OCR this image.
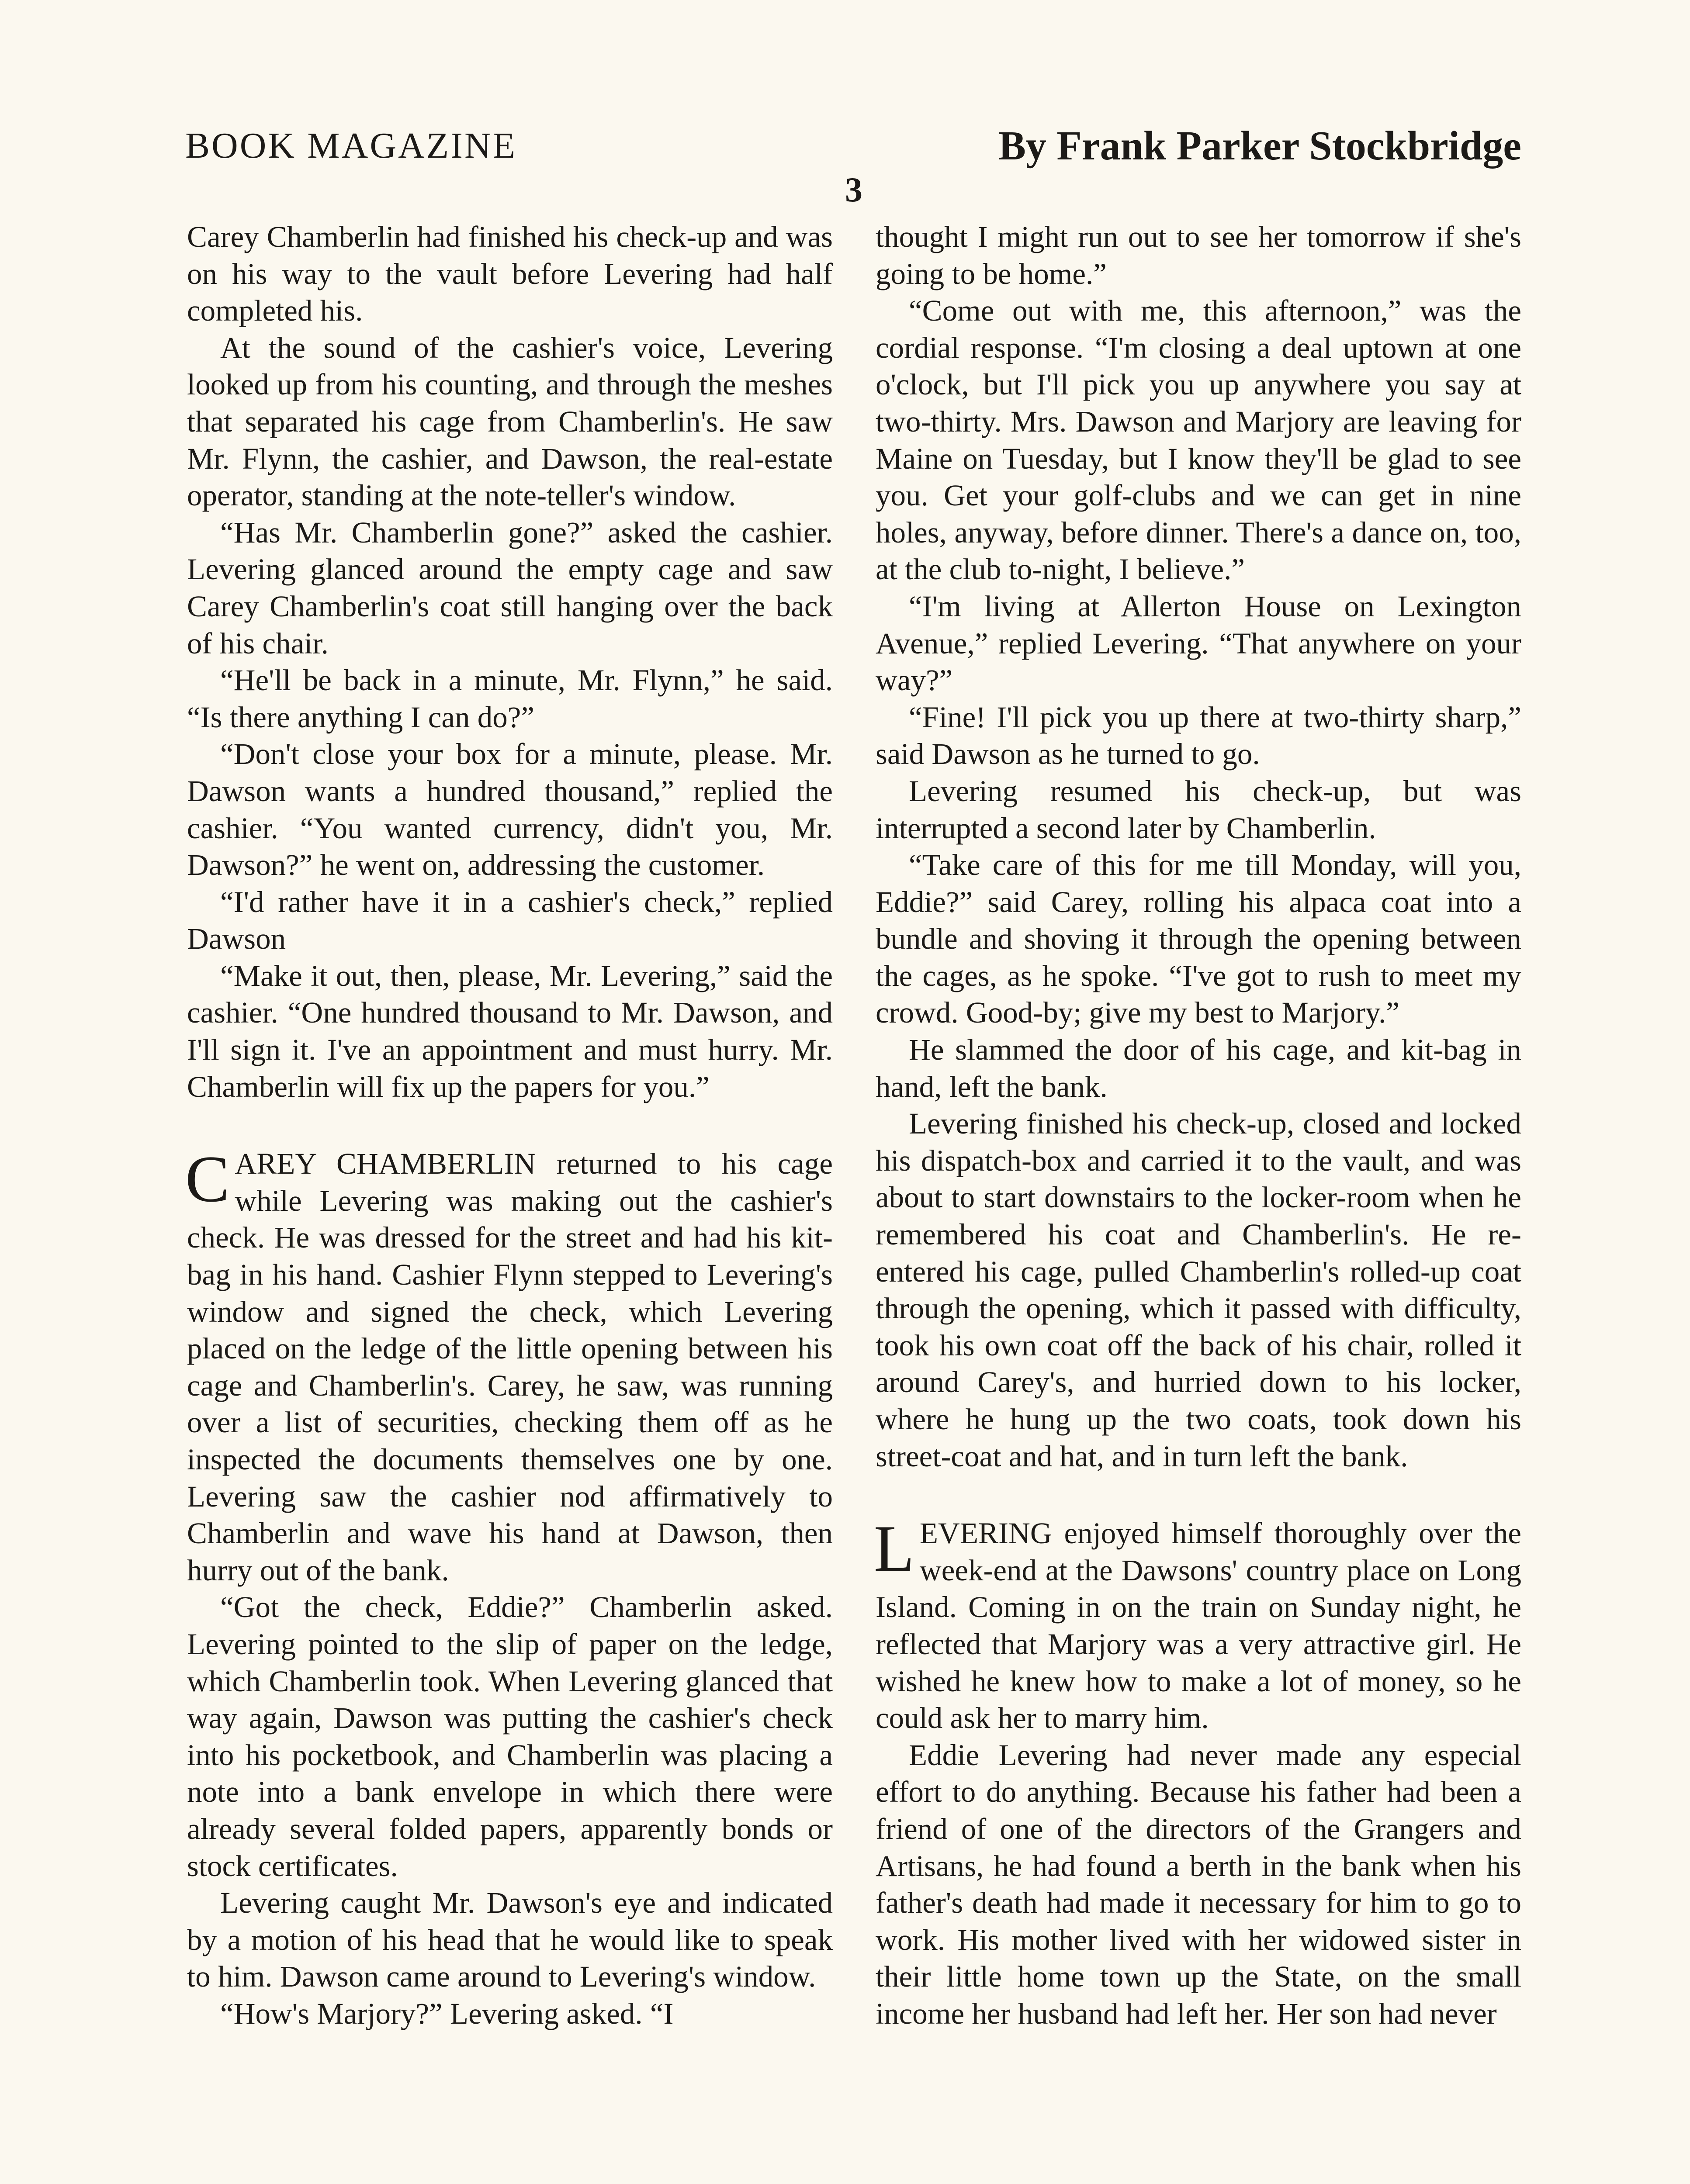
BOOK MAGAZINE	By Frank Parker Stockbridge
3

Carey Chamberlin had finished his check-up and was on his way to the vault before Levering had half completed his.

At the sound of the cashier's voice, Levering looked up from his counting, and through the meshes that separated his cage from Chamberlin's. He saw Mr. Flynn, the cashier, and Dawson, the real-estate operator, standing at the note-teller's window.

“Has Mr. Chamberlin gone?” asked the cashier. Levering glanced around the empty cage and saw Carey Chamberlin's coat still hanging over the back of his chair.

“He'll be back in a minute, Mr. Flynn,” he said. “Is there anything I can do?”

“Don't close your box for a minute, please. Mr. Dawson wants a hundred thousand,” replied the cashier. “You wanted currency, didn't you, Mr. Dawson?” he went on, addressing the customer.

“I'd rather have it in a cashier's check,” replied Dawson

“Make it out, then, please, Mr. Levering,” said the cashier. “One hundred thousand to Mr. Dawson, and I'll sign it. I've an appointment and must hurry. Mr. Chamberlin will fix up the papers for you.”

CAREY CHAMBERLIN returned to his cage while Levering was making out the cashier's check. He was dressed for the street and had his kit-bag in his hand. Cashier Flynn stepped to Levering's window and signed the check, which Levering placed on the ledge of the little opening between his cage and Chamberlin's. Carey, he saw, was running over a list of securities, checking them off as he inspected the documents themselves one by one. Levering saw the cashier nod affirmatively to Chamberlin and wave his hand at Dawson, then hurry out of the bank.

“Got the check, Eddie?” Chamberlin asked. Levering pointed to the slip of paper on the ledge, which Chamberlin took. When Levering glanced that way again, Dawson was putting the cashier's check into his pocketbook, and Chamberlin was placing a note into a bank envelope in which there were already several folded papers, apparently bonds or stock certificates.

Levering caught Mr. Dawson's eye and indicated by a motion of his head that he would like to speak to him. Dawson came around to Levering's window.

“How's Marjory?” Levering asked. “I

thought I might run out to see her tomorrow if she's going to be home.”

“Come out with me, this afternoon,” was the cordial response. “I'm closing a deal uptown at one o'clock, but I'll pick you up anywhere you say at two-thirty. Mrs. Dawson and Marjory are leaving for Maine on Tuesday, but I know they'll be glad to see you. Get your golf-clubs and we can get in nine holes, anyway, before dinner. There's a dance on, too, at the club to-night, I believe.”

“I'm living at Allerton House on Lexington Avenue,” replied Levering. “That anywhere on your way?”

“Fine! I'll pick you up there at two-thirty sharp,” said Dawson as he turned to go.

Levering resumed his check-up, but was interrupted a second later by Chamberlin.

“Take care of this for me till Monday, will you, Eddie?” said Carey, rolling his alpaca coat into a bundle and shoving it through the opening between the cages, as he spoke. “I've got to rush to meet my crowd. Good-by; give my best to Marjory.”

He slammed the door of his cage, and kit-bag in hand, left the bank.

Levering finished his check-up, closed and locked his dispatch-box and carried it to the vault, and was about to start downstairs to the locker-room when he remembered his coat and Chamberlin's. He re-entered his cage, pulled Chamberlin's rolled-up coat through the opening, which it passed with difficulty, took his own coat off the back of his chair, rolled it around Carey's, and hurried down to his locker, where he hung up the two coats, took down his street-coat and hat, and in turn left the bank.

LEVERING enjoyed himself thoroughly over the week-end at the Dawsons' country place on Long Island. Coming in on the train on Sunday night, he reflected that Marjory was a very attractive girl. He wished he knew how to make a lot of money, so he could ask her to marry him.

Eddie Levering had never made any especial effort to do anything. Because his father had been a friend of one of the directors of the Grangers and Artisans, he had found a berth in the bank when his father's death had made it necessary for him to go to work. His mother lived with her widowed sister in their little home town up the State, on the small income her husband had left her. Her son had never
